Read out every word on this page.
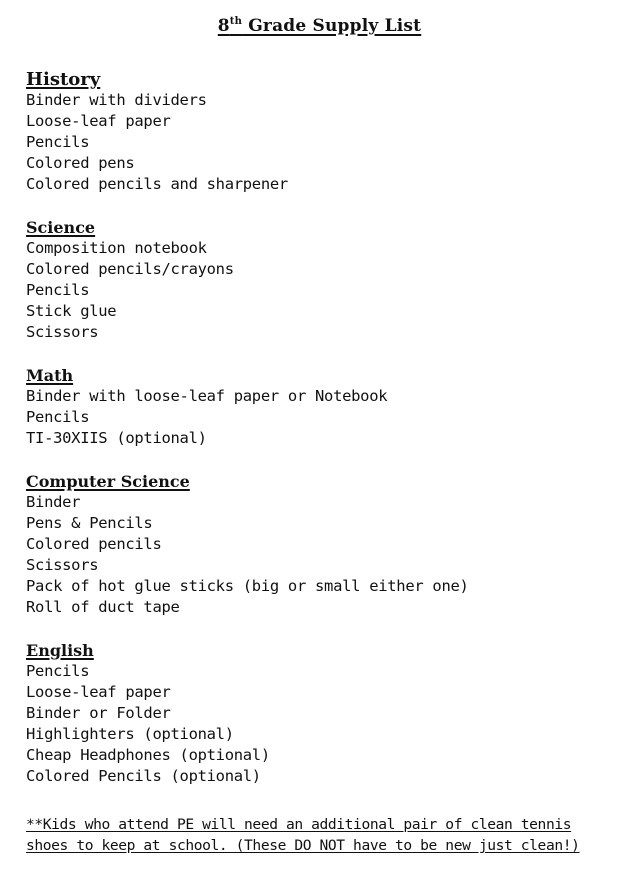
8th Grade Supply List
History
Binder with dividers
Loose-leaf paper
Pencils
Colored pens
Colored pencils and sharpener
Science
Composition notebook
Colored pencils/crayons
Pencils
Stick glue
Scissors
Math
Binder with loose-leaf paper or Notebook
Pencils
TI-30XIIS (optional)
Computer Science
Binder
Pens & Pencils
Colored pencils
Scissors
Pack of hot glue sticks (big or small either one)
Roll of duct tape
English
Pencils
Loose-leaf paper
Binder or Folder
Highlighters (optional)
Cheap Headphones (optional)
Colored Pencils (optional)
**Kids who attend PE will need an additional pair of clean tennis
shoes to keep at school. (These DO NOT have to be new just clean!)
